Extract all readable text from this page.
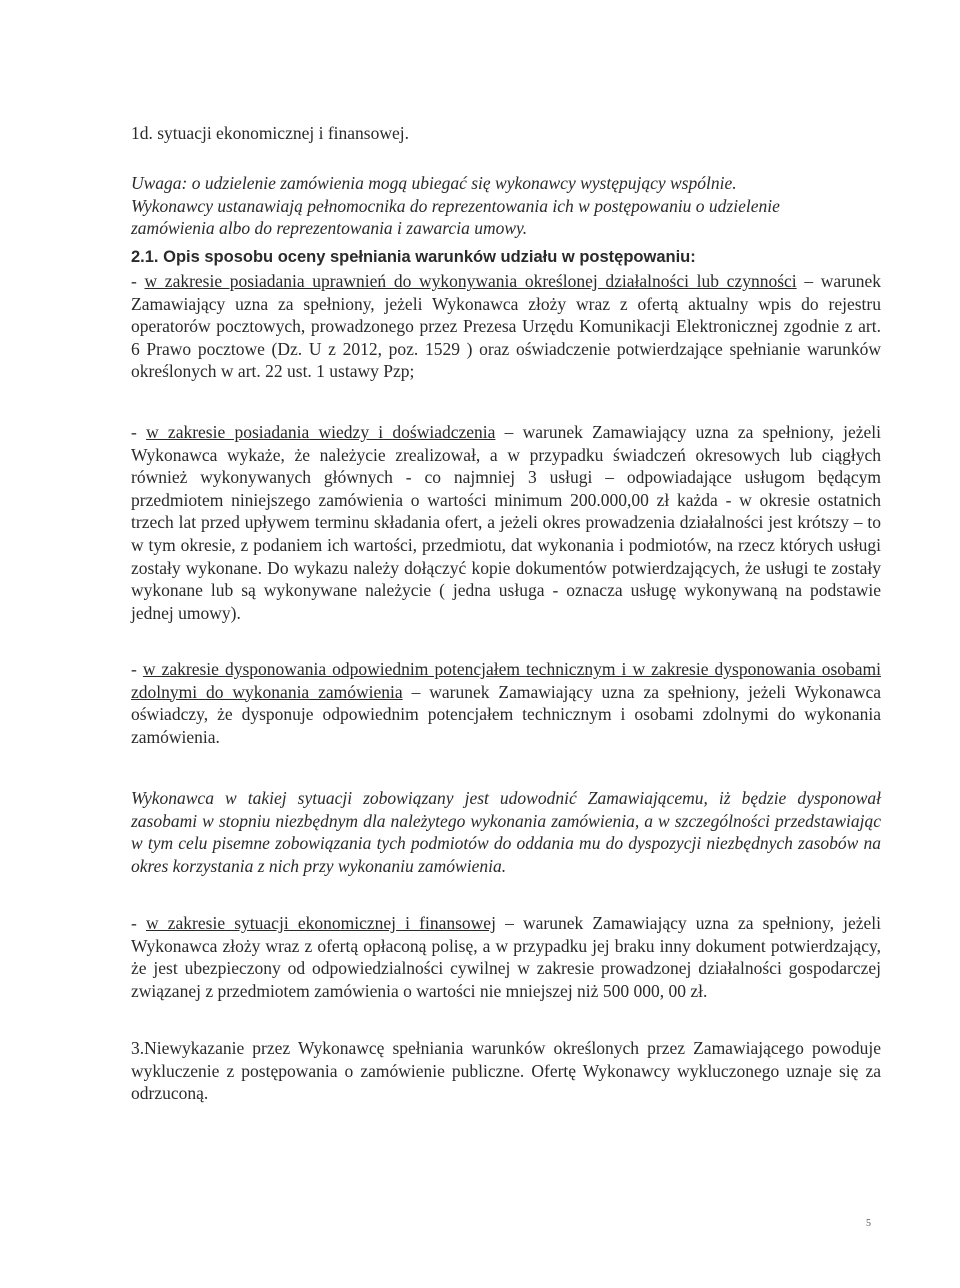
1d. sytuacji ekonomicznej i finansowej.

Uwaga: o udzielenie zamówienia mogą ubiegać się wykonawcy występujący wspólnie.
Wykonawcy ustanawiają pełnomocnika do reprezentowania ich w postępowaniu o udzielenie
zamówienia albo do reprezentowania i zawarcia umowy.

2.1. Opis sposobu oceny spełniania warunków udziału w postępowaniu:

- w zakresie posiadania uprawnień do wykonywania określonej działalności lub czynności – warunek Zamawiający uzna za spełniony, jeżeli Wykonawca złoży wraz z ofertą aktualny wpis do rejestru operatorów pocztowych, prowadzonego przez Prezesa Urzędu Komunikacji Elektronicznej zgodnie z art. 6 Prawo pocztowe (Dz. U z 2012, poz. 1529 ) oraz oświadczenie potwierdzające spełnianie warunków określonych w art. 22 ust. 1 ustawy Pzp;

- w zakresie posiadania wiedzy i doświadczenia – warunek Zamawiający uzna za spełniony, jeżeli Wykonawca wykaże, że należycie zrealizował, a w przypadku świadczeń okresowych lub ciągłych również wykonywanych głównych - co najmniej 3 usługi – odpowiadające usługom będącym przedmiotem niniejszego zamówienia o wartości minimum 200.000,00 zł każda - w okresie ostatnich trzech lat przed upływem terminu składania ofert, a jeżeli okres prowadzenia działalności jest krótszy – to w tym okresie, z podaniem ich wartości, przedmiotu, dat wykonania i podmiotów, na rzecz których usługi zostały wykonane. Do wykazu należy dołączyć kopie dokumentów potwierdzających, że usługi te zostały wykonane lub są wykonywane należycie ( jedna usługa - oznacza usługę wykonywaną na podstawie jednej umowy).

- w zakresie dysponowania odpowiednim potencjałem technicznym i w zakresie dysponowania osobami zdolnymi do wykonania zamówienia – warunek Zamawiający uzna za spełniony, jeżeli Wykonawca oświadczy, że dysponuje odpowiednim potencjałem technicznym i osobami zdolnymi do wykonania zamówienia.

Wykonawca w takiej sytuacji zobowiązany jest udowodnić Zamawiającemu, iż będzie dysponował zasobami w stopniu niezbędnym dla należytego wykonania zamówienia, a w szczególności przedstawiając w tym celu pisemne zobowiązania tych podmiotów do oddania mu do dyspozycji niezbędnych zasobów na okres korzystania z nich przy wykonaniu zamówienia.

- w zakresie sytuacji ekonomicznej i finansowej – warunek Zamawiający uzna za spełniony, jeżeli Wykonawca złoży wraz z ofertą opłaconą polisę, a w przypadku jej braku inny dokument potwierdzający, że jest ubezpieczony od odpowiedzialności cywilnej w zakresie prowadzonej działalności gospodarczej związanej z przedmiotem zamówienia o wartości nie mniejszej niż 500 000, 00 zł.

3.Niewykazanie przez Wykonawcę spełniania warunków określonych przez Zamawiającego powoduje wykluczenie z postępowania o zamówienie publiczne. Ofertę Wykonawcy wykluczonego uznaje się za odrzuconą.

5
